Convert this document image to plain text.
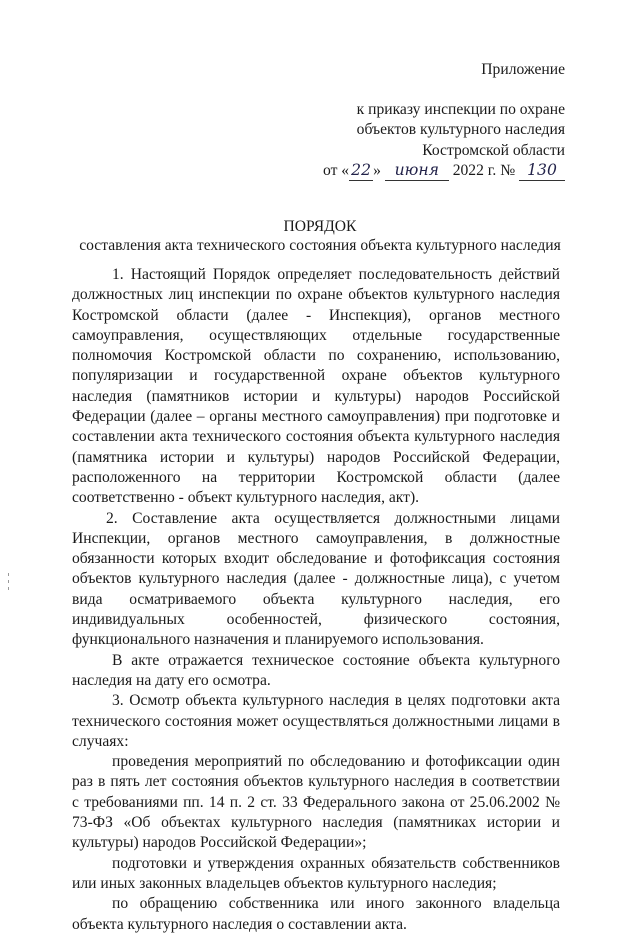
Приложение
к приказу инспекции по охране
объектов культурного наследия
Костромской области
от « 22 » июня 2022 г. № 130
ПОРЯДОК
составления акта технического состояния объекта культурного наследия

1. Настоящий Порядок определяет последовательность действий должностных лиц инспекции по охране объектов культурного наследия Костромской области (далее - Инспекция), органов местного самоуправления, осуществляющих отдельные государственные полномочия Костромской области по сохранению, использованию, популяризации и государственной охране объектов культурного наследия (памятников истории и культуры) народов Российской Федерации (далее – органы местного самоуправления) при подготовке и составлении акта технического состояния объекта культурного наследия (памятника истории и культуры) народов Российской Федерации, расположенного на территории Костромской области (далее соответственно - объект культурного наследия, акт).

2. Составление акта осуществляется должностными лицами Инспекции, органов местного самоуправления, в должностные обязанности которых входит обследование и фотофиксация состояния объектов культурного наследия (далее - должностные лица), с учетом вида осматриваемого объекта культурного наследия, его индивидуальных особенностей, физического состояния, функционального назначения и планируемого использования.

В акте отражается техническое состояние объекта культурного наследия на дату его осмотра.

3. Осмотр объекта культурного наследия в целях подготовки акта технического состояния может осуществляться должностными лицами в случаях:

проведения мероприятий по обследованию и фотофиксации один раз в пять лет состояния объектов культурного наследия в соответствии с требованиями пп. 14 п. 2 ст. 33 Федерального закона от 25.06.2002 № 73-ФЗ «Об объектах культурного наследия (памятниках истории и культуры) народов Российской Федерации»;

подготовки и утверждения охранных обязательств собственников или иных законных владельцев объектов культурного наследия;

по обращению собственника или иного законного владельца объекта культурного наследия о составлении акта.
